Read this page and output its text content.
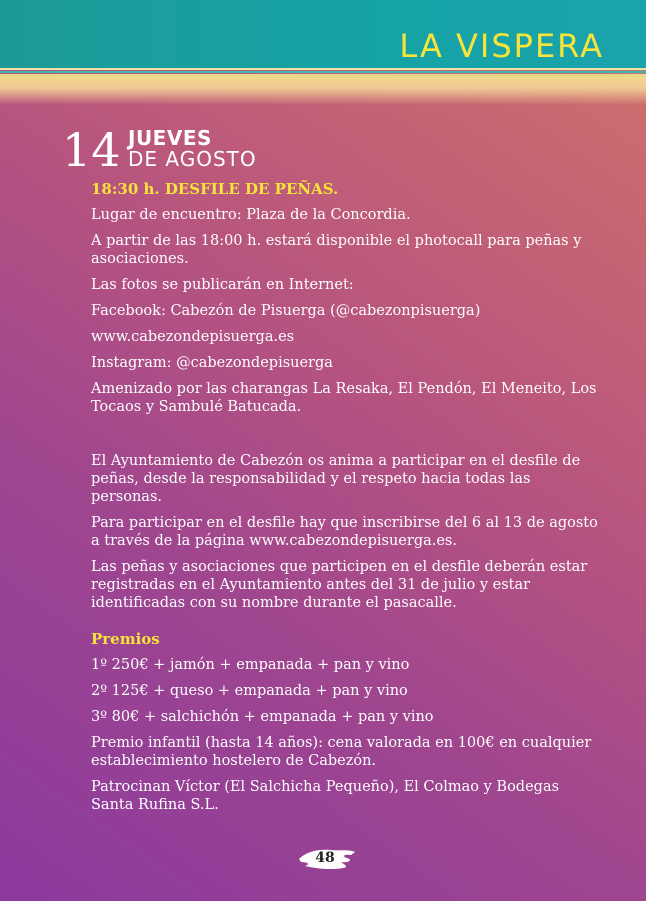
LA VISPERA
14 JUEVES
DE AGOSTO

18:30 h. DESFILE DE PEÑAS.

Lugar de encuentro: Plaza de la Concordia.

A partir de las 18:00 h. estará disponible el photocall para peñas y asociaciones.

Las fotos se publicarán en Internet:

Facebook: Cabezón de Pisuerga (@cabezonpisuerga)

www.cabezondepisuerga.es

Instagram: @cabezondepisuerga

Amenizado por las charangas La Resaka, El Pendón, El Meneito, Los Tocaos y Sambulé Batucada.

El Ayuntamiento de Cabezón os anima a participar en el desfile de peñas, desde la responsabilidad y el respeto hacia todas las personas.

Para participar en el desfile hay que inscribirse del 6 al 13 de agosto a través de la página www.cabezondepisuerga.es.

Las peñas y asociaciones que participen en el desfile deberán estar registradas en el Ayuntamiento antes del 31 de julio y estar identificadas con su nombre durante el pasacalle.

Premios

1º 250€ + jamón + empanada + pan y vino

2º 125€ + queso + empanada + pan y vino

3º 80€ + salchichón + empanada + pan y vino

Premio infantil (hasta 14 años): cena valorada en 100€ en cualquier establecimiento hostelero de Cabezón.

Patrocinan Víctor (El Salchicha Pequeño), El Colmao y Bodegas Santa Rufina S.L.

48
